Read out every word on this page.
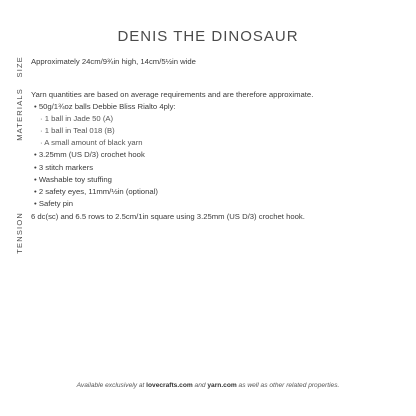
DENIS THE DINOSAUR
SIZE Approximately 24cm/9¾in high, 14cm/5½in wide
MATERIALS Yarn quantities are based on average requirements and are therefore approximate.
• 50g/1¾oz balls Debbie Bliss Rialto 4ply:
· 1 ball in Jade 50 (A)
· 1 ball in Teal 018 (B)
· A small amount of black yarn
• 3.25mm (US D/3) crochet hook
• 3 stitch markers
• Washable toy stuffing
• 2 safety eyes, 11mm/½in (optional)
• Safety pin
TENSION 6 dc(sc) and 6.5 rows to 2.5cm/1in square using 3.25mm (US D/3) crochet hook.
Available exclusively at lovecrafts.com and yarn.com as well as other related properties.
